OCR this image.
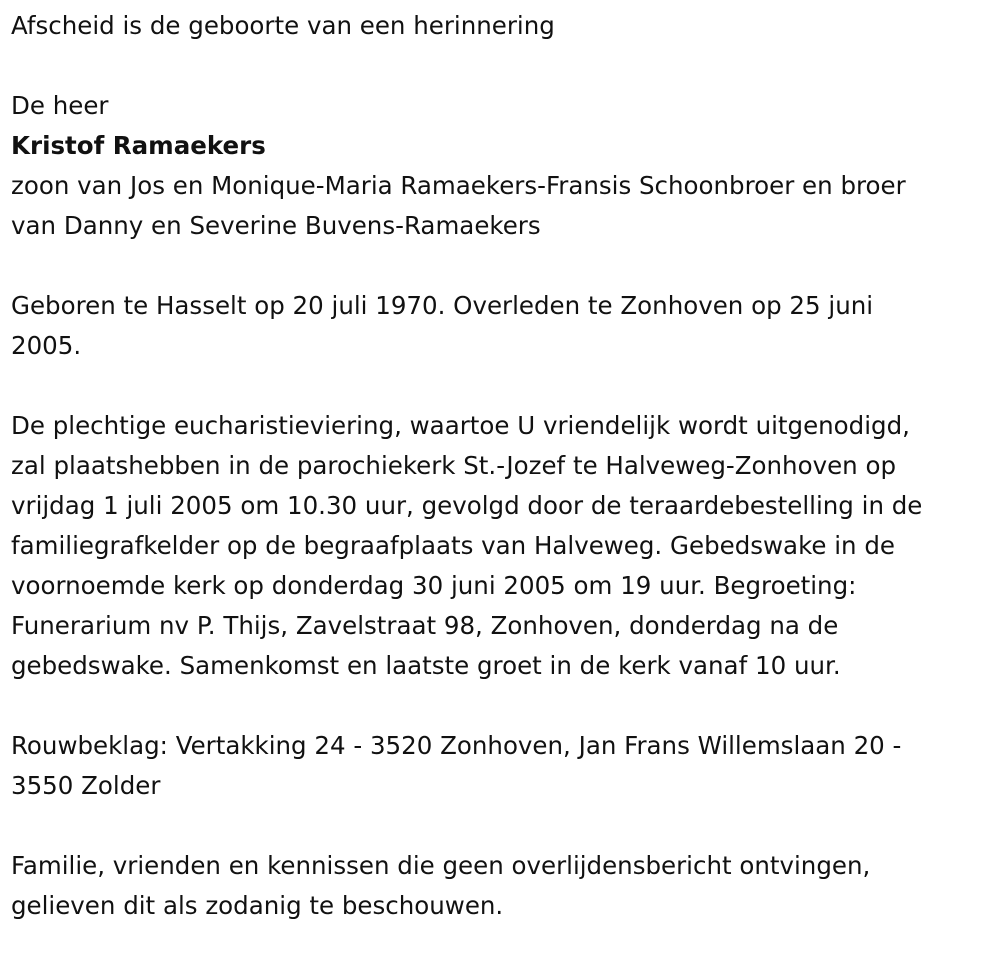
Afscheid is de geboorte van een herinnering
De heer
Kristof Ramaekers
zoon van Jos en Monique-Maria Ramaekers-Fransis Schoonbroer en broer
van Danny en Severine Buvens-Ramaekers
Geboren te Hasselt op 20 juli 1970. Overleden te Zonhoven op 25 juni
2005.
De plechtige eucharistieviering, waartoe U vriendelijk wordt uitgenodigd,
zal plaatshebben in de parochiekerk St.-Jozef te Halveweg-Zonhoven op
vrijdag 1 juli 2005 om 10.30 uur, gevolgd door de teraardebestelling in de
familiegrafkelder op de begraafplaats van Halveweg. Gebedswake in de
voornoemde kerk op donderdag 30 juni 2005 om 19 uur. Begroeting:
Funerarium nv P. Thijs, Zavelstraat 98, Zonhoven, donderdag na de
gebedswake. Samenkomst en laatste groet in de kerk vanaf 10 uur.
Rouwbeklag: Vertakking 24 - 3520 Zonhoven, Jan Frans Willemslaan 20 -
3550 Zolder
Familie, vrienden en kennissen die geen overlijdensbericht ontvingen,
gelieven dit als zodanig te beschouwen.
